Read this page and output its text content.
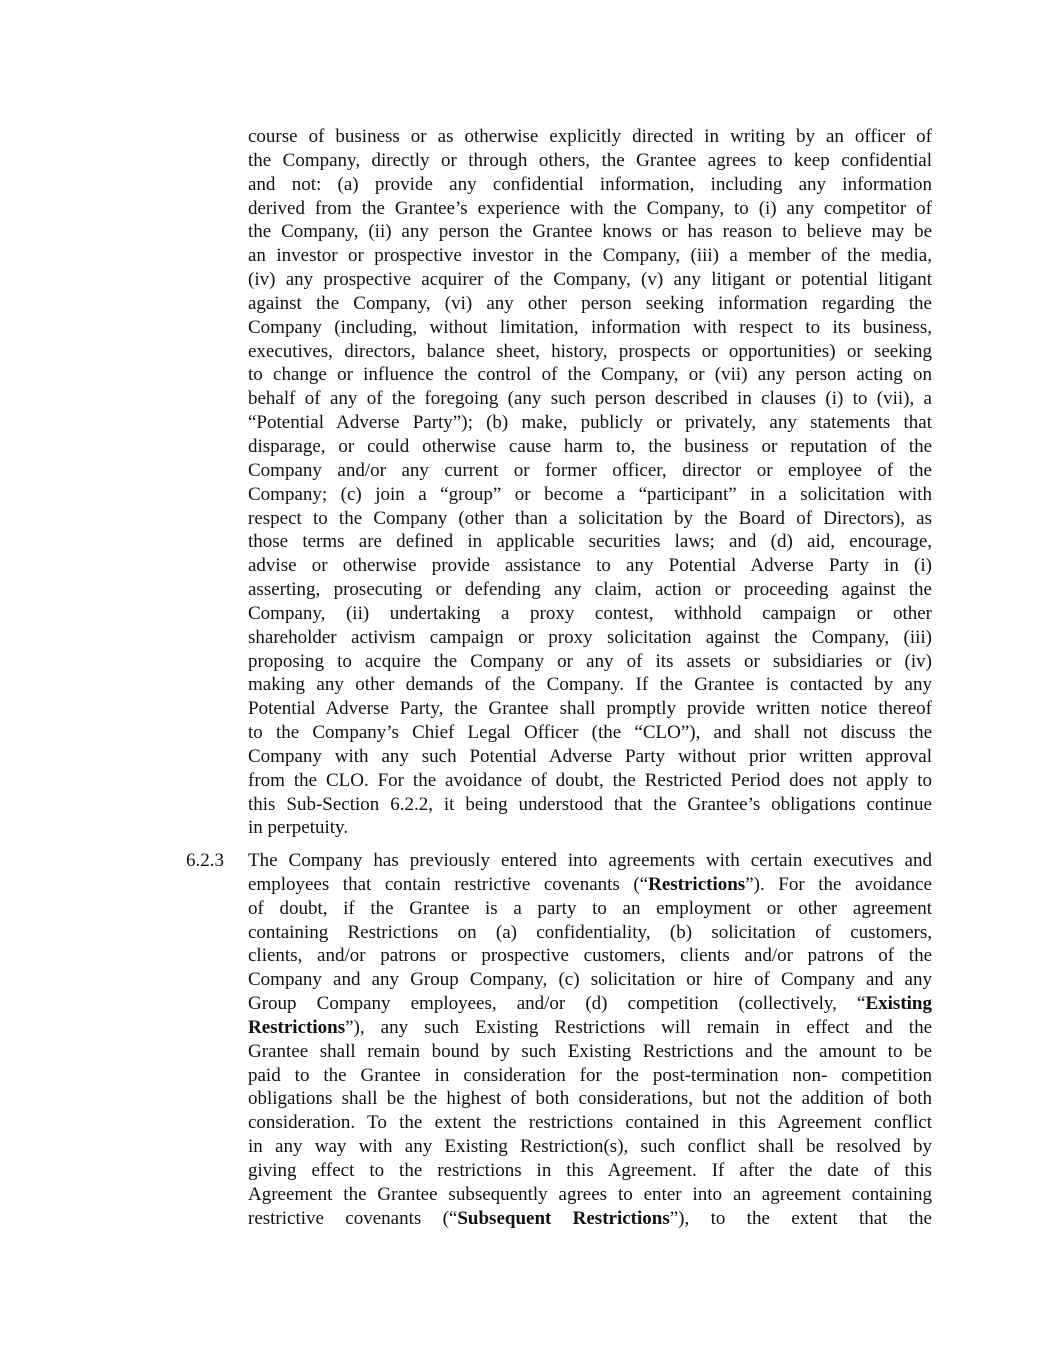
course of business or as otherwise explicitly directed in writing by an officer of
the Company, directly or through others, the Grantee agrees to keep confidential
and not: (a) provide any confidential information, including any information
derived from the Grantee’s experience with the Company, to (i) any competitor of
the Company, (ii) any person the Grantee knows or has reason to believe may be
an investor or prospective investor in the Company, (iii) a member of the media,
(iv) any prospective acquirer of the Company, (v) any litigant or potential litigant
against the Company, (vi) any other person seeking information regarding the
Company (including, without limitation, information with respect to its business,
executives, directors, balance sheet, history, prospects or opportunities) or seeking
to change or influence the control of the Company, or (vii) any person acting on
behalf of any of the foregoing (any such person described in clauses (i) to (vii), a
“Potential Adverse Party”); (b) make, publicly or privately, any statements that
disparage, or could otherwise cause harm to, the business or reputation of the
Company and/or any current or former officer, director or employee of the
Company; (c) join a “group” or become a “participant” in a solicitation with
respect to the Company (other than a solicitation by the Board of Directors), as
those terms are defined in applicable securities laws; and (d) aid, encourage,
advise or otherwise provide assistance to any Potential Adverse Party in (i)
asserting, prosecuting or defending any claim, action or proceeding against the
Company, (ii) undertaking a proxy contest, withhold campaign or other
shareholder activism campaign or proxy solicitation against the Company, (iii)
proposing to acquire the Company or any of its assets or subsidiaries or (iv)
making any other demands of the Company. If the Grantee is contacted by any
Potential Adverse Party, the Grantee shall promptly provide written notice thereof
to the Company’s Chief Legal Officer (the “CLO”), and shall not discuss the
Company with any such Potential Adverse Party without prior written approval
from the CLO. For the avoidance of doubt, the Restricted Period does not apply to
this Sub-Section 6.2.2, it being understood that the Grantee’s obligations continue
in perpetuity.
6.2.3 The Company has previously entered into agreements with certain executives and
employees that contain restrictive covenants (“Restrictions”). For the avoidance
of doubt, if the Grantee is a party to an employment or other agreement
containing Restrictions on (a) confidentiality, (b) solicitation of customers,
clients, and/or patrons or prospective customers, clients and/or patrons of the
Company and any Group Company, (c) solicitation or hire of Company and any
Group Company employees, and/or (d) competition (collectively, “Existing
Restrictions”), any such Existing Restrictions will remain in effect and the
Grantee shall remain bound by such Existing Restrictions and the amount to be
paid to the Grantee in consideration for the post-termination non- competition
obligations shall be the highest of both considerations, but not the addition of both
consideration. To the extent the restrictions contained in this Agreement conflict
in any way with any Existing Restriction(s), such conflict shall be resolved by
giving effect to the restrictions in this Agreement. If after the date of this
Agreement the Grantee subsequently agrees to enter into an agreement containing
restrictive covenants (“Subsequent Restrictions”), to the extent that the
